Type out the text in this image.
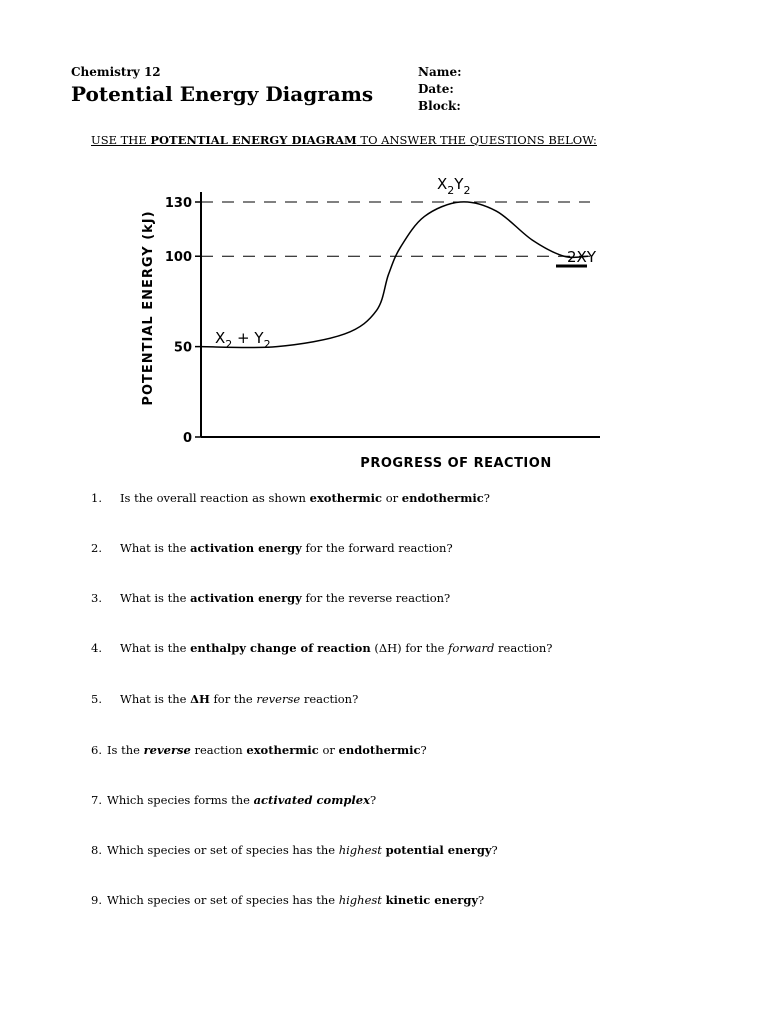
Chemistry 12
Potential Energy Diagrams
Name:
Date:
Block:
USE THE POTENTIAL ENERGY DIAGRAM TO ANSWER THE QUESTIONS BELOW:
130
100
50
0
POTENTIAL ENERGY (kJ)
PROGRESS OF REACTION
$X_2 + Y_2$
$X_2Y_2$
2XY
1. Is the overall reaction as shown exothermic or endothermic?
2. What is the activation energy for the forward reaction?
3. What is the activation energy for the reverse reaction?
4. What is the enthalpy change of reaction (ΔH) for the forward reaction?
5. What is the ΔH for the reverse reaction?
6. Is the reverse reaction exothermic or endothermic?
7. Which species forms the activated complex?
8. Which species or set of species has the highest potential energy?
9. Which species or set of species has the highest kinetic energy?
